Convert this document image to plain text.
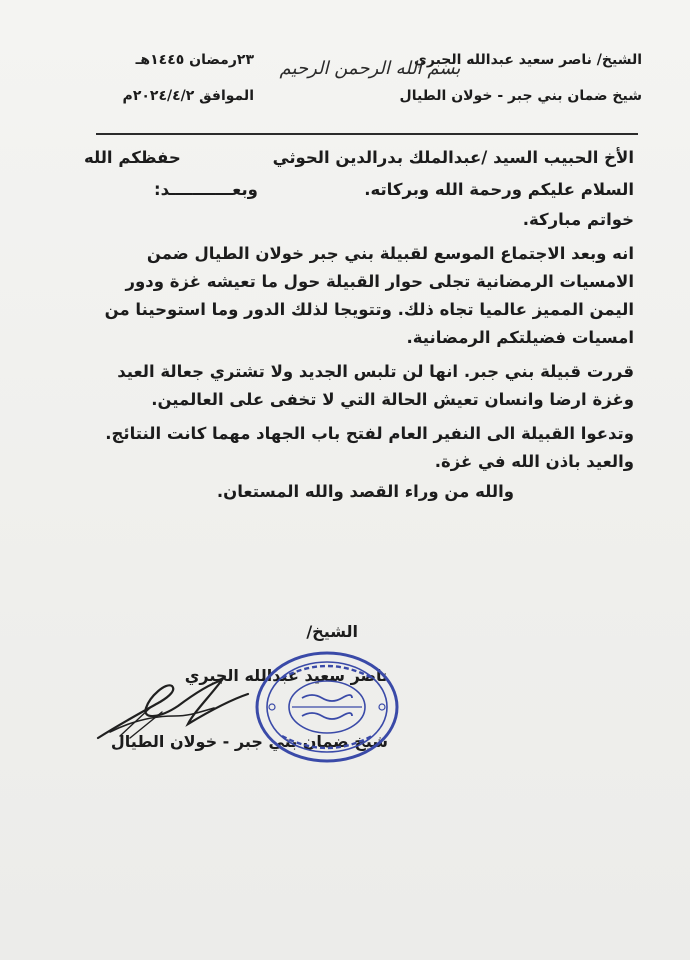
الشيخ/ ناصر سعيد عبدالله الجبري
شيخ ضمان بني جبر - خولان الطيال
بسم الله الرحمن الرحيم
٢٣رمضان ١٤٤٥هـ
الموافق ٢٠٢٤/٤/٢م
الأخ الحبيب السيد /عبدالملك بدرالدين الحوثي
حفظكم الله
السلام عليكم ورحمة الله وبركاته.
وبعـــــــــــد:
خواتم مباركة.
انه وبعد الاجتماع الموسع لقبيلة بني جبر خولان الطيال ضمن
الامسيات الرمضانية تجلى حوار القبيلة حول ما تعيشه غزة ودور
اليمن المميز عالميا تجاه ذلك. وتتويجا لذلك الدور وما استوحينا من
امسيات فضيلتكم الرمضانية.
قررت قبيلة بني جبر. انها لن تلبس الجديد ولا تشتري جعالة العيد
وغزة ارضا وانسان تعيش الحالة التي لا تخفى على العالمين.
وتدعوا القبيلة الى النفير العام لفتح باب الجهاد مهما كانت النتائج.
والعيد باذن الله في غزة.
والله من وراء القصد والله المستعان.
الشيخ/
ناصر سعيد عبدالله الجبري
شيخ ضمان بني جبر - خولان الطيال
